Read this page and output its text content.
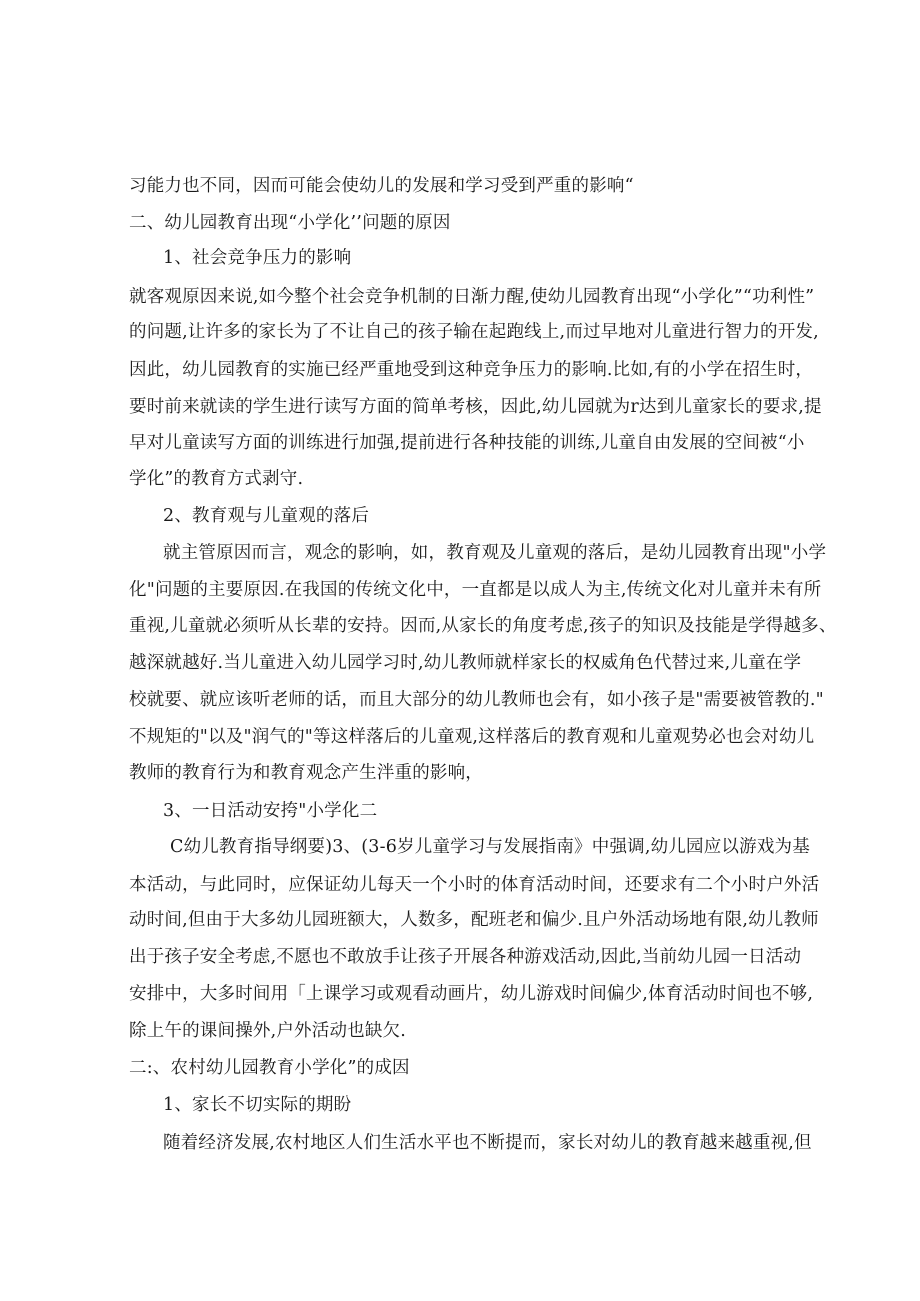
习能力也不同，因而可能会使幼儿的发展和学习受到严重的影响“
二、幼儿园教育出现“小学化’’问题的原因
1、社会竞争压力的影响
就客观原因来说,如今整个社会竞争机制的日渐力醒,使幼儿园教育出现“小学化”“功利性”
的问题,让许多的家长为了不让自己的孩子输在起跑线上,而过早地对儿童进行智力的开发,
因此，幼儿园教育的实施已经严重地受到这种竞争压力的影响.比如,有的小学在招生时，
要时前来就读的学生进行读写方面的简单考核，因此,幼儿园就为r达到儿童家长的要求,提
早对儿童读写方面的训练进行加强,提前进行各种技能的训练,儿童自由发展的空间被“小
学化”的教育方式剥守.
2、教育观与儿童观的落后
就主管原因而言，观念的影响，如，教育观及儿童观的落后，是幼儿园教育出现"小学
化"问题的主要原因.在我国的传统文化中，一直都是以成人为主,传统文化对儿童并未有所
重视,儿童就必须听从长辈的安持。因而,从家长的角度考虑,孩子的知识及技能是学得越多、
越深就越好.当儿童进入幼儿园学习时,幼儿教师就样家长的权威角色代替过来,儿童在学
校就要、就应该听老师的话，而且大部分的幼儿教师也会有，如小孩子是"需要被管教的."
不规矩的"以及"润气的"等这样落后的儿童观,这样落后的教育观和儿童观势必也会对幼儿
教师的教育行为和教育观念产生泮重的影响，
3、一日活动安挎"小学化二
C幼儿教育指导纲要)3、(3-6岁儿童学习与发展指南》中强调,幼儿园应以游戏为基
本活动，与此同时，应保证幼儿每天一个小时的体育活动时间，还要求有二个小时户外活
动时间,但由于大多幼儿园班额大，人数多，配班老和偏少.且户外活动场地有限,幼儿教师
出于孩子安全考虑,不愿也不敢放手让孩子开展各种游戏活动,因此,当前幼儿园一日活动
安排中，大多时间用「上课学习或观看动画片，幼儿游戏时间偏少,体育活动时间也不够,
除上午的课间操外,户外活动也缺欠.
二:、农村幼儿园教育小学化”的成因
1、家长不切实际的期盼
随着经济发展,农村地区人们生活水平也不断提而，家长对幼儿的教育越来越重视,但
